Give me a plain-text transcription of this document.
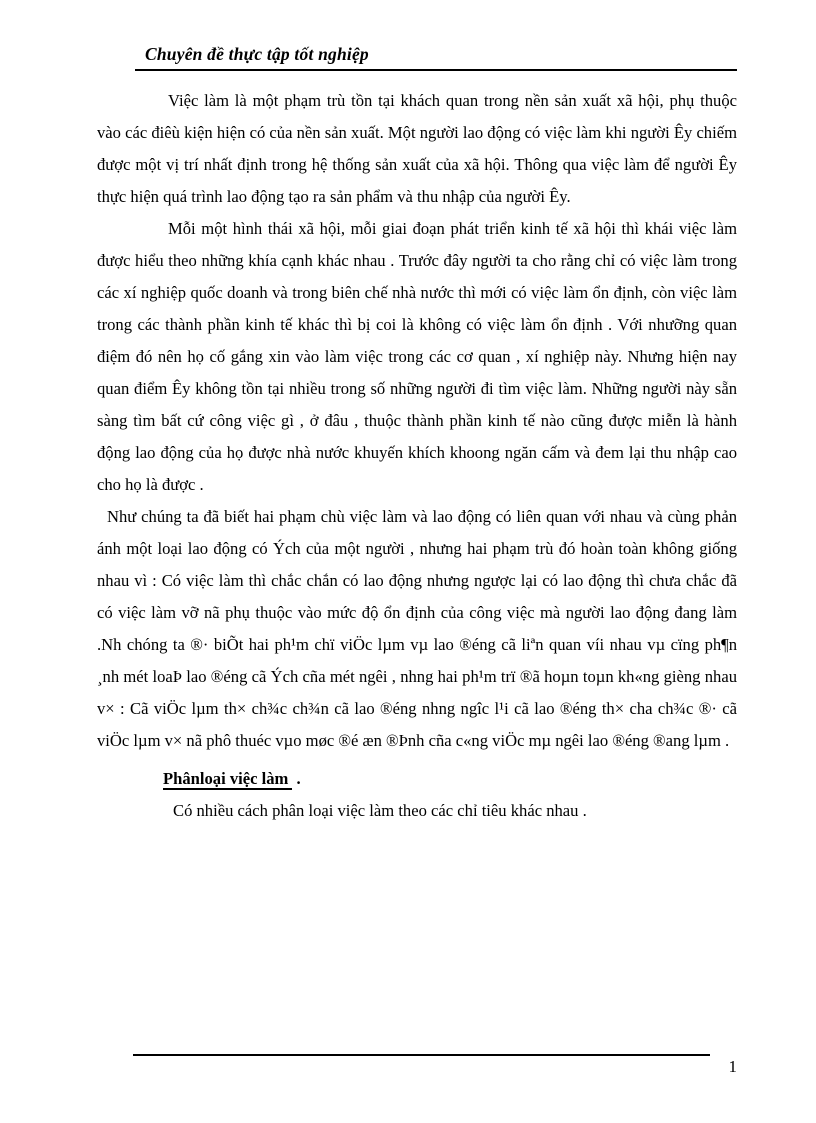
Chuyên đề thực tập tốt nghiệp

Việc làm là một phạm trù tồn tại khách quan trong nền sản xuất xã hội, phụ thuộc vào các điêù kiện hiện có của nền sản xuất. Một người lao động có việc làm khi người Êy chiếm được một vị trí nhất định trong hệ thống sản xuất của xã hội. Thông qua việc làm để người Êy thực hiện quá trình lao động tạo ra sản phẩm và thu nhập của người Êy.

Mỗi một hình thái xã hội, mỗi giai đoạn phát triển kinh tế xã hội thì khái việc làm được hiểu theo những khía cạnh khác nhau . Trước đây người ta cho rằng chỉ có việc làm trong các xí nghiệp quốc doanh và trong biên chế nhà nước thì mới có việc làm ổn định, còn việc làm trong các thành phần kinh tế khác thì bị coi là không có việc làm ổn định . Với nhưỡng quan điệm đó nên họ cố gắng xin vào làm việc trong các cơ quan , xí nghiệp này. Nhưng hiện nay quan điểm Êy không tồn tại nhiều trong số những người đi tìm việc làm. Những người này sẵn sàng tìm bất cứ công việc gì , ở đâu , thuộc thành phần kinh tế nào cũng được miễn là hành động lao động của họ được nhà nước khuyến khích khoong ngăn cấm và đem lại thu nhập cao cho họ là được .

Như chúng ta đã biết hai phạm chù việc làm và lao động có liên quan với nhau và cùng phản ánh một loại lao động có Ých của một người , nhưng hai phạm trù đó hoàn toàn không giống nhau vì : Có việc làm thì chắc chắn có lao động nhưng ngược lại có lao động thì chưa chắc đã có việc làm vỡ nã phụ thuộc vào mức độ ổn định của công việc mà người lao động đang làm .Nh chóng ta ®· biÕt hai ph¹m chï viÖc lµm vµ lao ®éng cã liªn quan víi nhau vµ cïng ph¶n ¸nh mét loaÞ lao ®éng cã Ých cña mét ngêi , nhng hai ph¹m trï ®ã hoµn toµn kh«ng gièng nhau v× : Cã viÖc lµm th× ch¾c ch¾n cã lao ®éng nhng ngîc l¹i cã lao ®éng th× cha ch¾c ®· cã viÖc lµm v× nã phô thuéc vµo møc ®é æn ®Þnh cña c«ng viÖc mµ ngêi lao ®éng ®ang lµm .

Phânloại việc làm .

Có nhiều cách phân loại việc làm theo các chỉ tiêu khác nhau .

1
